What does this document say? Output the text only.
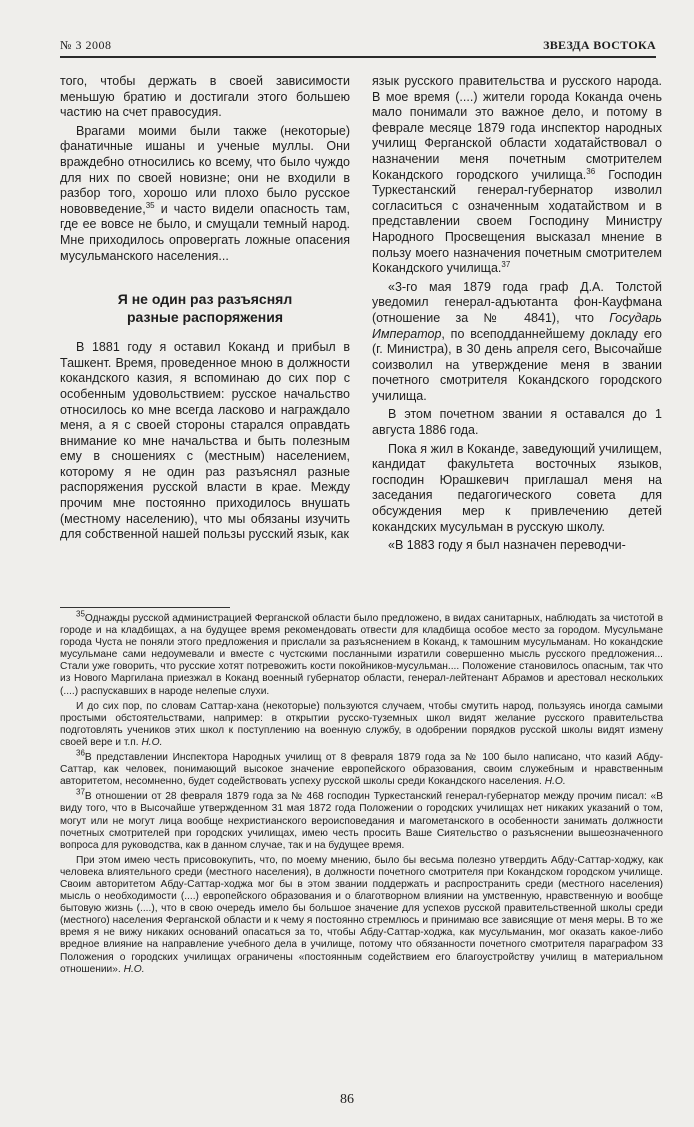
№ 3 2008	ЗВЕЗДА ВОСТОКА

того, чтобы держать в своей зависимости меньшую братию и достигали этого большею частию на счет правосудия.

Врагами моими были также (некоторые) фанатичные ишаны и ученые муллы. Они враждебно относились ко всему, что было чуждо для них по своей новизне; они не входили в разбор того, хорошо или плохо было русское нововведение,$^{35}$ и часто видели опасность там, где ее вовсе не было, и смущали темный народ. Мне приходилось опровергать ложные опасения мусульманского населения...

Я не один раз разъяснял
разные распоряжения

В 1881 году я оставил Коканд и прибыл в Ташкент. Время, проведенное мною в должности кокандского казия, я вспоминаю до сих пор с особенным удовольствием: русское начальство относилось ко мне всегда ласково и награждало меня, а я с своей стороны старался оправдать внимание ко мне начальства и быть полезным ему в сношениях с (местным) населением, которому я не один раз разъяснял разные распоряжения русской власти в крае. Между прочим мне постоянно приходилось внушать (местному населению), что мы обязаны изучить для собственной нашей пользы русский язык, как

язык русского правительства и русского народа. В мое время (....) жители города Коканда очень мало понимали это важное дело, и потому в феврале месяце 1879 года инспектор народных училищ Ферганской области ходатайствовал о назначении меня почетным смотрителем Кокандского городского училища.$^{36}$ Господин Туркестанский генерал-губернатор изволил согласиться с означенным ходатайством и в представлении своем Господину Министру Народного Просвещения высказал мнение в пользу моего назначения почетным смотрителем Кокандского училища.$^{37}$

«3-го мая 1879 года граф Д.А. Толстой уведомил генерал-адъютанта фон-Кауфмана (отношение за № 4841), что Государь Император, по всеподданнейшему докладу его (г. Министра), в 30 день апреля сего, Высочайше соизволил на утверждение меня в звании почетного смотрителя Кокандского городского училища.

В этом почетном звании я оставался до 1 августа 1886 года.

Пока я жил в Коканде, заведующий училищем, кандидат факультета восточных языков, господин Юрашкевич приглашал меня на заседания педагогического совета для обсуждения мер к привлечению детей кокандских мусульман в русскую школу.

«В 1883 году я был назначен переводчи-

$^{35}$Однажды русской администрацией Ферганской области было предложено, в видах санитарных, наблюдать за чистотой в городе и на кладбищах, а на будущее время рекомендовать отвести для кладбища особое место за городом. Мусульмане города Чуста не поняли этого предложения и прислали за разъяснением в Коканд, к тамошним мусульманам. Но кокандские мусульмане сами недоумевали и вместе с чустскими посланными изратили совершенно мысль русского предложения... Стали уже говорить, что русские хотят потревожить кости покойников-мусульман.... Положение становилось опасным, так что из Нового Маргилана приезжал в Коканд военный губернатор области, генерал-лейтенант Абрамов и арестовал нескольких (....) распускавших в народе нелепые слухи.

И до сих пор, по словам Саттар-хана (некоторые) пользуются случаем, чтобы смутить народ, пользуясь иногда самыми простыми обстоятельствами, например: в открытии русско-туземных школ видят желание русского правительства подготовлять учеников этих школ к поступлению на военную службу, в одобрении порядков русской школы видят измену своей вере и т.п. Н.О.

$^{36}$В представлении Инспектора Народных училищ от 8 февраля 1879 года за № 100 было написано, что казий Абду-Саттар, как человек, понимающий высокое значение европейского образования, своим служебным и нравственным авторитетом, несомненно, будет содействовать успеху русской школы среди Кокандского населения. Н.О.

$^{37}$В отношении от 28 февраля 1879 года за № 468 господин Туркестанский генерал-губернатор между прочим писал: «В виду того, что в Высочайше утвержденном 31 мая 1872 года Положении о городских училищах нет никаких указаний о том, могут или не могут лица вообще нехристианского вероисповедания и магометанского в особенности занимать должности почетных смотрителей при городских училищах, имею честь просить Ваше Сиятельство о разъяснении вышеозначенного вопроса для руководства, как в данном случае, так и на будущее время.

При этом имею честь присовокупить, что, по моему мнению, было бы весьма полезно утвердить Абду-Саттар-ходжу, как человека влиятельного среди (местного населения), в должности почетного смотрителя при Кокандском городском училище. Своим авторитетом Абду-Саттар-ходжа мог бы в этом звании поддержать и распространить среди (местного населения) мысль о необходимости (....) европейского образования и о благотворном влиянии на умственную, нравственную и вообще бытовую жизнь (....), что в свою очередь имело бы большое значение для успехов русской правительственной школы среди (местного) населения Ферганской области и к чему я постоянно стремлюсь и принимаю все зависящие от меня меры. В то же время я не вижу никаких оснований опасаться за то, чтобы Абду-Саттар-ходжа, как мусульманин, мог оказать какое-либо вредное влияние на направление учебного дела в училище, потому что обязанности почетного смотрителя параграфом 33 Положения о городских училищах ограничены «постоянным содействием его благоустройству училищ в материальном отношении». Н.О.

86
